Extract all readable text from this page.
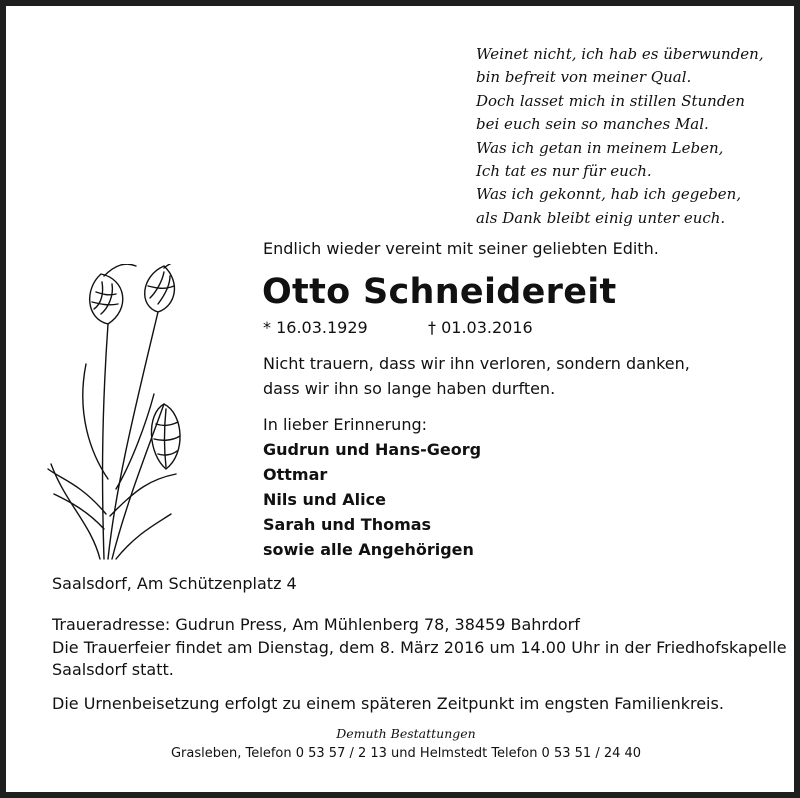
Weinet nicht, ich hab es überwunden,
bin befreit von meiner Qual.
Doch lasset mich in stillen Stunden
bei euch sein so manches Mal.
Was ich getan in meinem Leben,
Ich tat es nur für euch.
Was ich gekonnt, hab ich gegeben,
als Dank bleibt einig unter euch.
Endlich wieder vereint mit seiner geliebten Edith.
Otto Schneidereit
* 16.03.1929	† 01.03.2016
Nicht trauern, dass wir ihn verloren, sondern danken,
dass wir ihn so lange haben durften.
In lieber Erinnerung:
Gudrun und Hans-Georg
Ottmar
Nils und Alice
Sarah und Thomas
sowie alle Angehörigen
Saalsdorf, Am Schützenplatz 4
Traueradresse: Gudrun Press, Am Mühlenberg 78, 38459 Bahrdorf
Die Trauerfeier findet am Dienstag, dem 8. März 2016 um 14.00 Uhr in der Friedhofskapelle
Saalsdorf statt.
Die Urnenbeisetzung erfolgt zu einem späteren Zeitpunkt im engsten Familienkreis.
Demuth Bestattungen
Grasleben, Telefon 0 53 57 / 2 13 und Helmstedt Telefon 0 53 51 / 24 40
